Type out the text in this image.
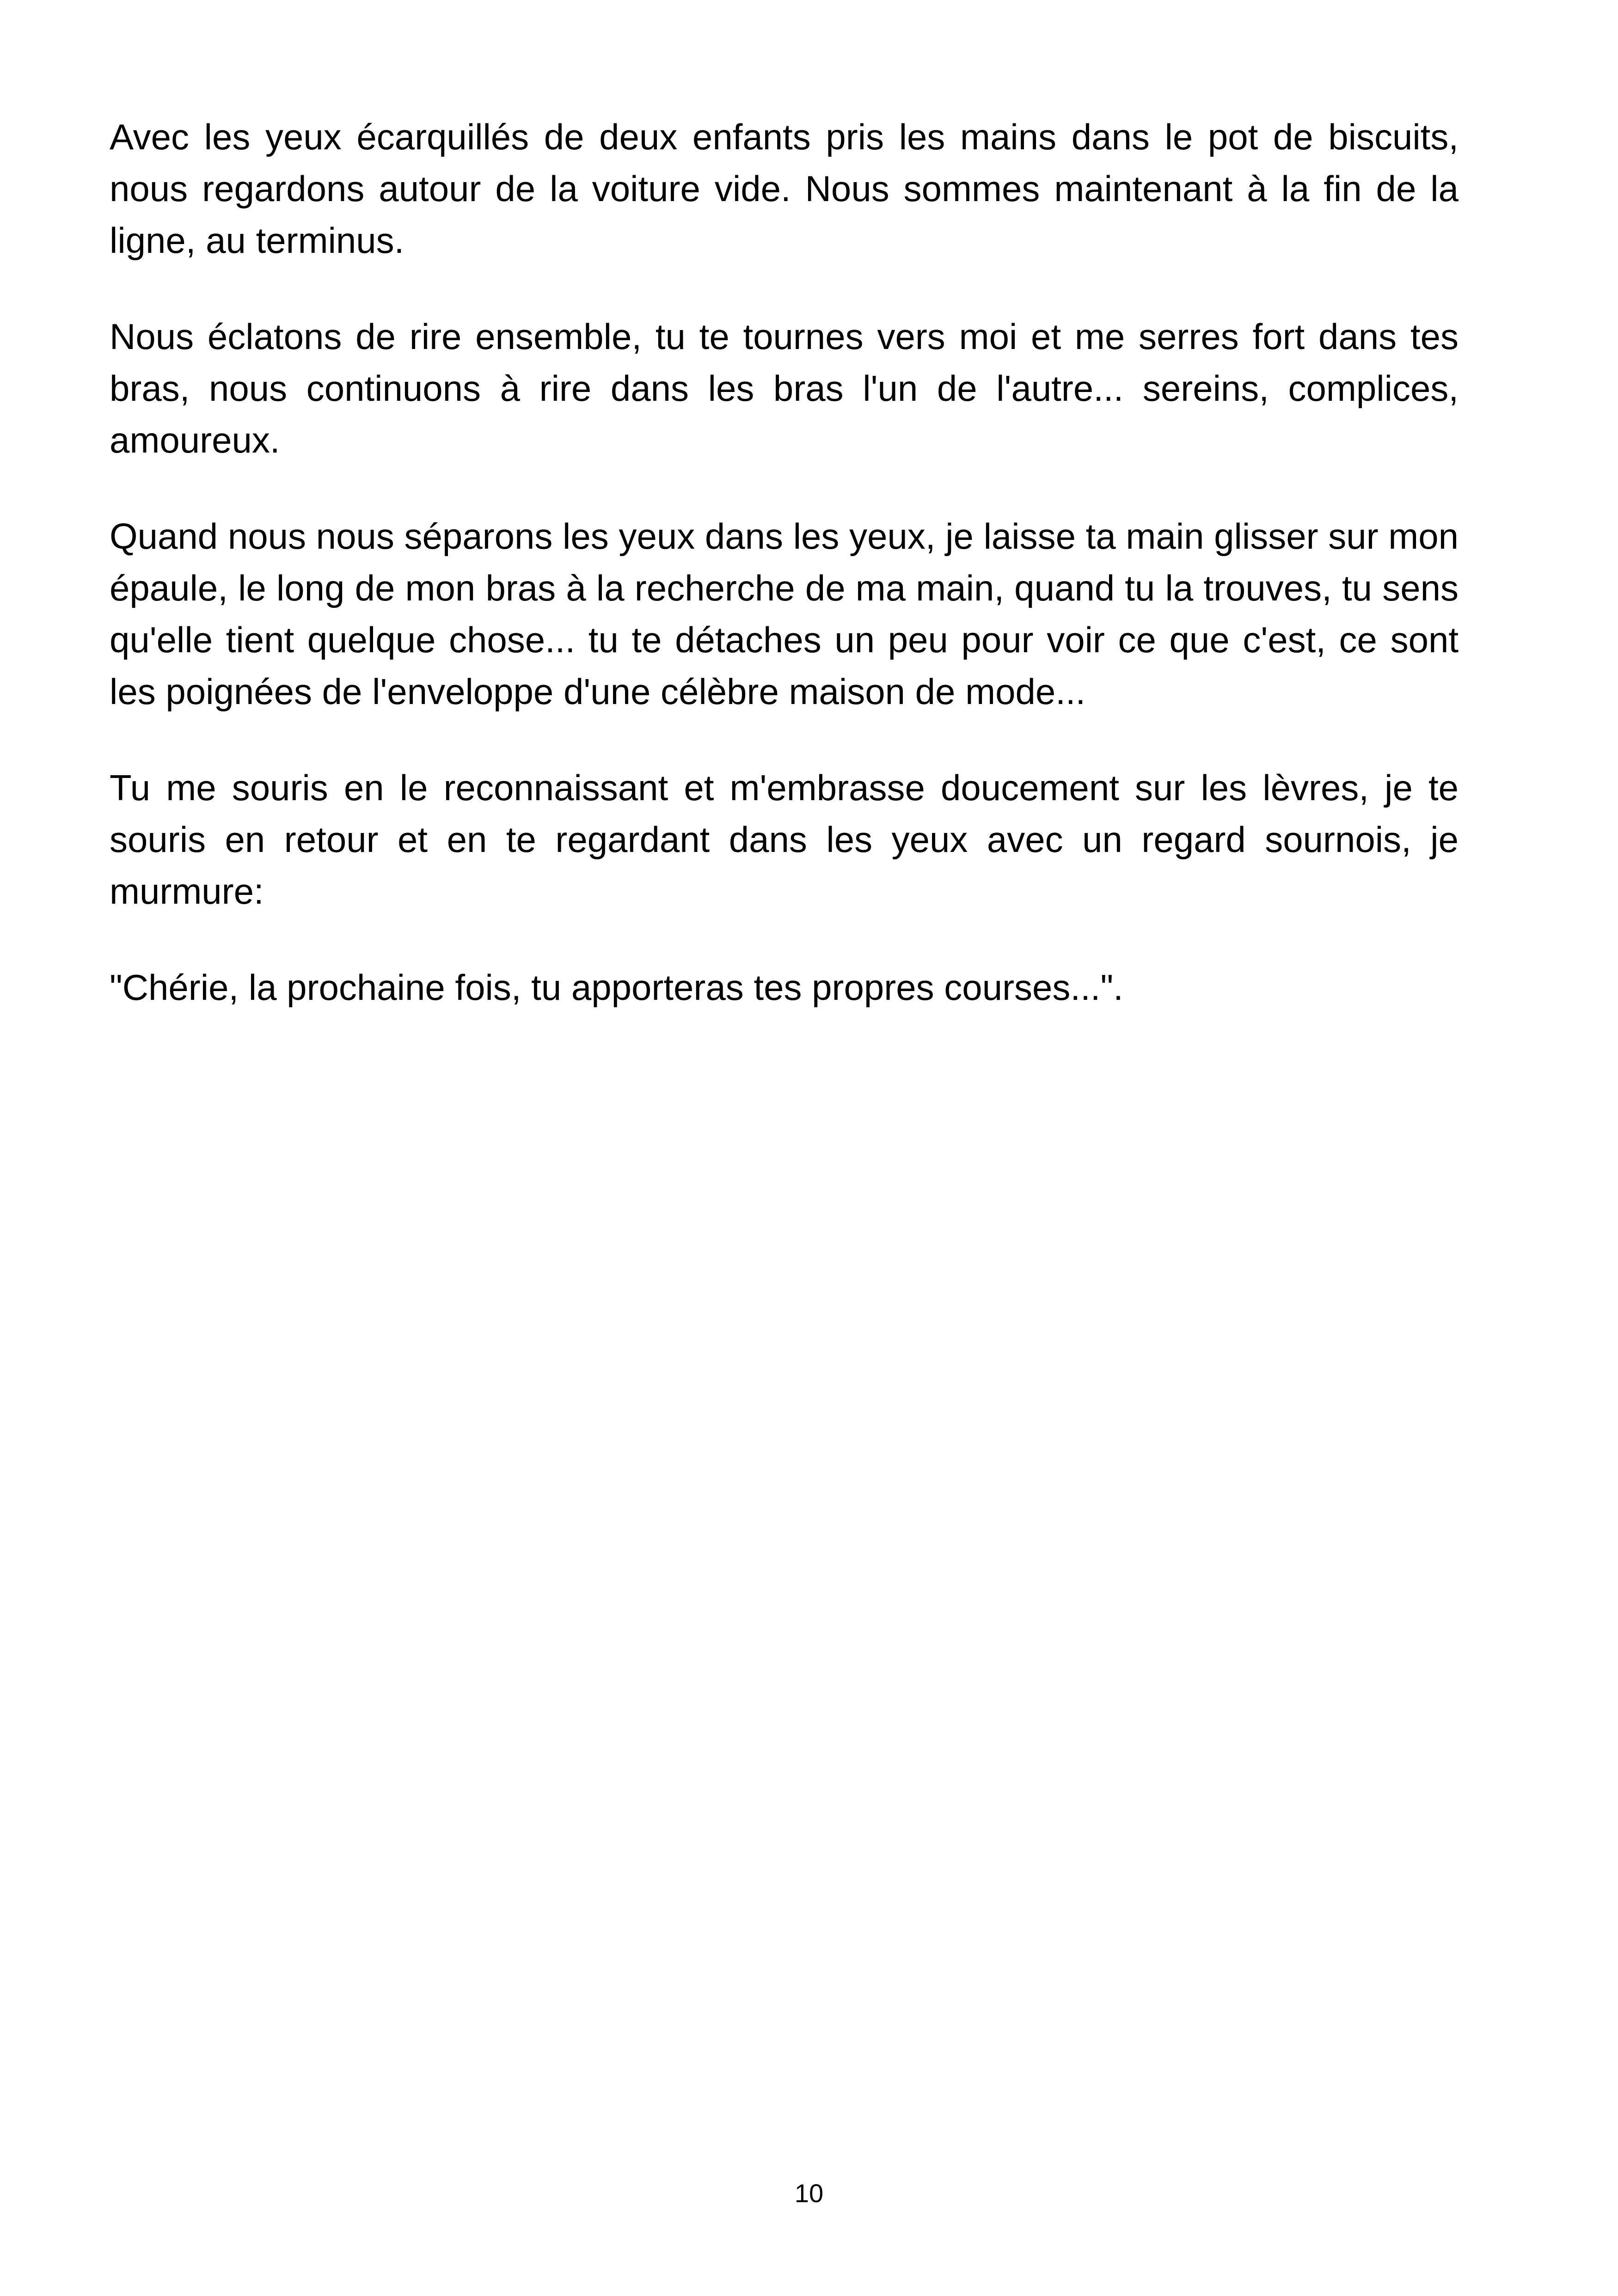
Avec les yeux écarquillés de deux enfants pris les mains dans le pot de biscuits, nous regardons autour de la voiture vide. Nous sommes maintenant à la fin de la ligne, au terminus.

Nous éclatons de rire ensemble, tu te tournes vers moi et me serres fort dans tes bras, nous continuons à rire dans les bras l'un de l'autre... sereins, complices, amoureux.

Quand nous nous séparons les yeux dans les yeux, je laisse ta main glisser sur mon épaule, le long de mon bras à la recherche de ma main, quand tu la trouves, tu sens qu'elle tient quelque chose... tu te détaches un peu pour voir ce que c'est, ce sont les poignées de l'enveloppe d'une célèbre maison de mode...

Tu me souris en le reconnaissant et m'embrasse doucement sur les lèvres, je te souris en retour et en te regardant dans les yeux avec un regard sournois, je murmure:

"Chérie, la prochaine fois, tu apporteras tes propres courses...".

10
